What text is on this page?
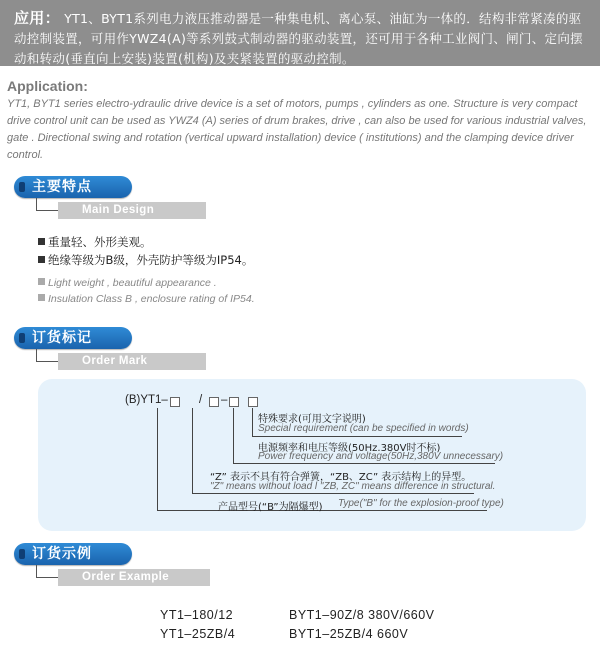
应用： YT1、BYT1系列电力液压推动器是一种集电机、离心泵、油缸为一体的．结构非常紧凑的驱动控制装置，可用作YWZ4(A)等系列鼓式制动器的驱动装置，还可用于各种工业阀门、闸门、定向摆动和转动(垂直向上安装)装置(机构)及夹紧装置的驱动控制。
Application:
YT1, BYT1 series electro-ydraulic drive device is a set of motors, pumps , cylinders as one. Structure is very compact drive control unit can be used as YWZ4 (A) series of drum brakes, drive , can also be used for various industrial valves, gate . Directional swing and rotation (vertical upward installation) device ( institutions) and the clamping device driver control.
主要特点
Main Design Features
重量轻、外形美观。
绝缘等级为B级，外壳防护等级为IP54。
Light weight , beautiful appearance .
Insulation Class B , enclosure rating of IP54.
订货标记
Order Mark
(B)YT1–	/ –
特殊要求(可用文字说明)
Special requirement (can be specified in words)
电源频率和电压等级(50Hz.380V时不标)
Power frequency and voltage(50Hz,380V unnecessary)
“Z” 表示不具有符合弹簧，“ZB、ZC” 表示结构上的异型。
"Z" means without load l "ZB, ZC" means difference in structural.
产品型号(“B”为隔爆型) Type("B" for the explosion-proof type)
订货示例
Order Example
YT1–180/12	BYT1–90Z/8 380V/660V
YT1–25ZB/4	BYT1–25ZB/4 660V
